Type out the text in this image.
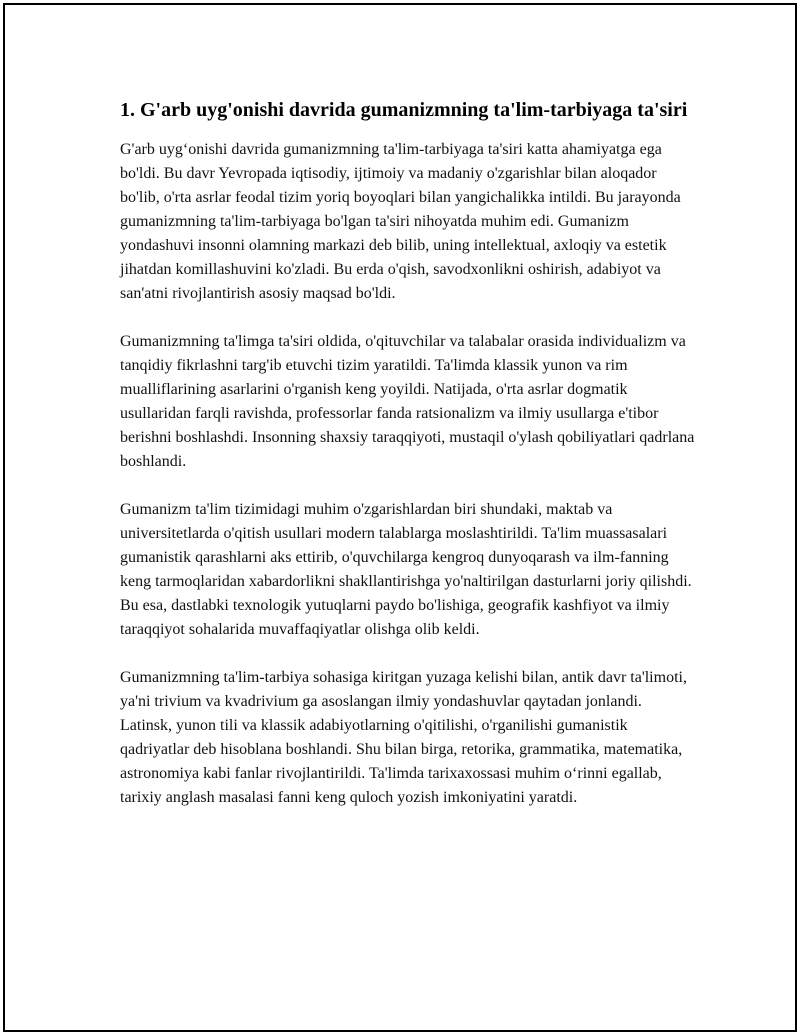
1. G'arb uyg'onishi davrida gumanizmning ta'lim-tarbiyaga ta'siri

G'arb uyg‘onishi davrida gumanizmning ta'lim-tarbiyaga ta'siri katta ahamiyatga ega bo'ldi. Bu davr Yevropada iqtisodiy, ijtimoiy va madaniy o'zgarishlar bilan aloqador bo'lib, o'rta asrlar feodal tizim yoriq boyoqlari bilan yangichalikka intildi. Bu jarayonda gumanizmning ta'lim-tarbiyaga bo'lgan ta'siri nihoyatda muhim edi. Gumanizm yondashuvi insonni olamning markazi deb bilib, uning intellektual, axloqiy va estetik jihatdan komillashuvini ko'zladi. Bu erda o'qish, savodxonlikni oshirish, adabiyot va san'atni rivojlantirish asosiy maqsad bo'ldi.

Gumanizmning ta'limga ta'siri oldida, o'qituvchilar va talabalar orasida individualizm va tanqidiy fikrlashni targ'ib etuvchi tizim yaratildi. Ta'limda klassik yunon va rim mualliflarining asarlarini o'rganish keng yoyildi. Natijada, o'rta asrlar dogmatik usullaridan farqli ravishda, professorlar fanda ratsionalizm va ilmiy usullarga e'tibor berishni boshlashdi. Insonning shaxsiy taraqqiyoti, mustaqil o'ylash qobiliyatlari qadrlana boshlandi.

Gumanizm ta'lim tizimidagi muhim o'zgarishlardan biri shundaki, maktab va universitetlarda o'qitish usullari modern talablarga moslashtirildi. Ta'lim muassasalari gumanistik qarashlarni aks ettirib, o'quvchilarga kengroq dunyoqarash va ilm-fanning keng tarmoqlaridan xabardorlikni shakllantirishga yo'naltirilgan dasturlarni joriy qilishdi. Bu esa, dastlabki texnologik yutuqlarni paydo bo'lishiga, geografik kashfiyot va ilmiy taraqqiyot sohalarida muvaffaqiyatlar olishga olib keldi.

Gumanizmning ta'lim-tarbiya sohasiga kiritgan yuzaga kelishi bilan, antik davr ta'limoti, ya'ni trivium va kvadrivium ga asoslangan ilmiy yondashuvlar qaytadan jonlandi. Latinsk, yunon tili va klassik adabiyotlarning o'qitilishi, o'rganilishi gumanistik qadriyatlar deb hisoblana boshlandi. Shu bilan birga, retorika, grammatika, matematika, astronomiya kabi fanlar rivojlantirildi. Ta'limda tarixaxossasi muhim o‘rinni egallab, tarixiy anglash masalasi fanni keng quloch yozish imkoniyatini yaratdi.
